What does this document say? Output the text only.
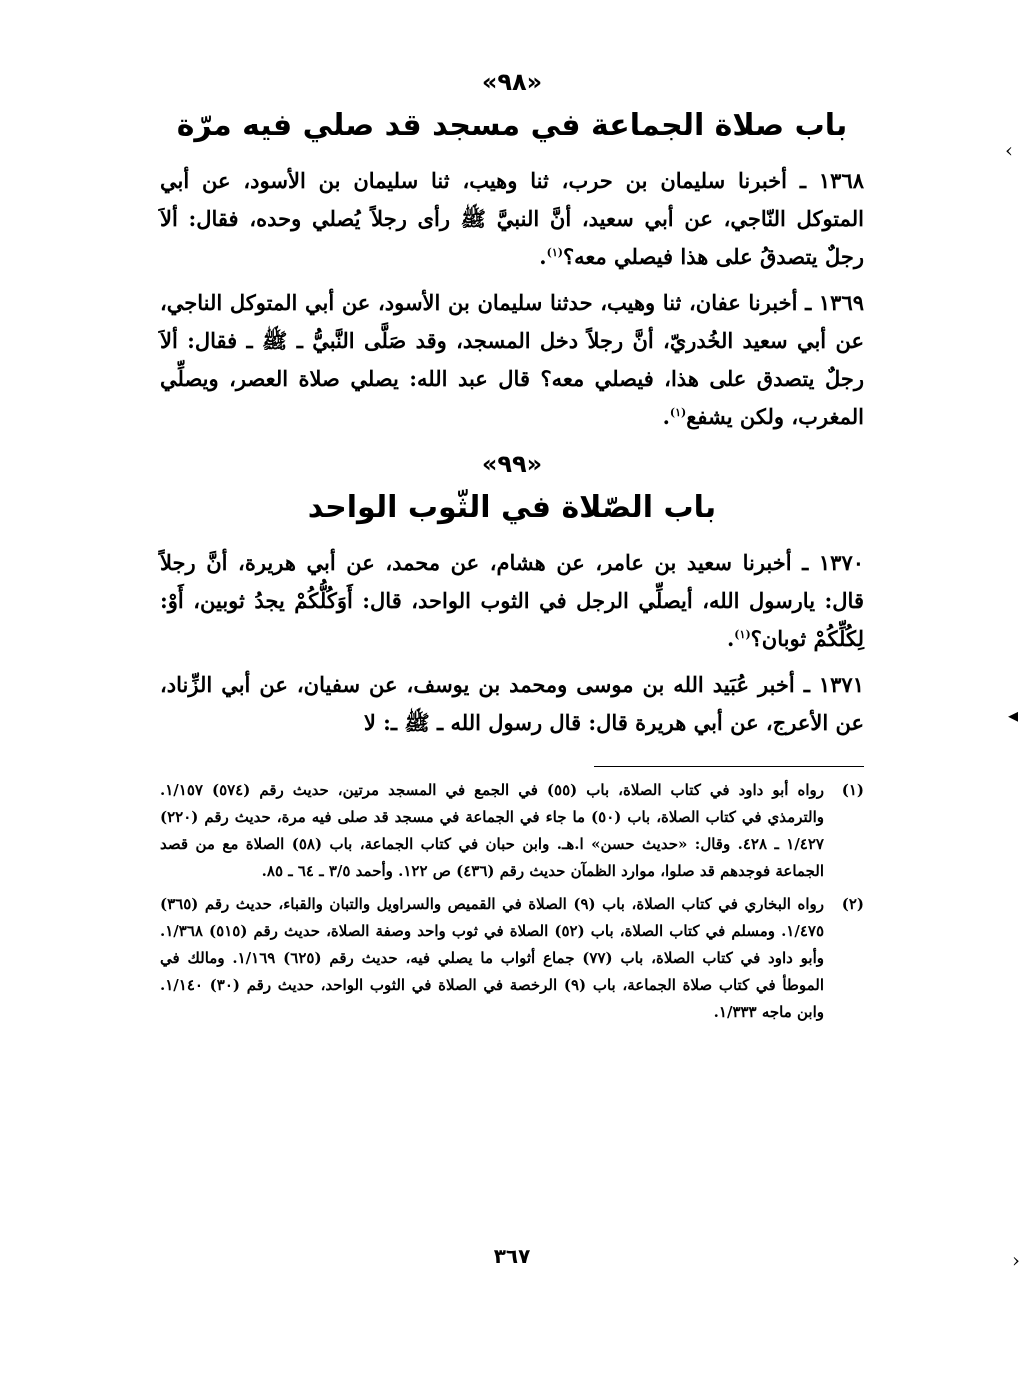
«٩٨»
باب صلاة الجماعة في مسجد قد صلي فيه مرّة

١٣٦٨ ـ أخبرنا سليمان بن حرب، ثنا وهيب، ثنا سليمان بن الأسود، عن أبي المتوكل النّاجي، عن أبي سعيد، أنَّ النبيَّ ﷺ رأى رجلاً يُصلي وحده، فقال: ألاَ رجلٌ يتصدقُ على هذا فيصلي معه؟$^{(١)}$.

١٣٦٩ ـ أخبرنا عفان، ثنا وهيب، حدثنا سليمان بن الأسود، عن أبي المتوكل الناجي، عن أبي سعيد الخُدريّ، أنَّ رجلاً دخل المسجد، وقد صَلَّى النَّبيُّ ـ ﷺ ـ فقال: ألاَ رجلٌ يتصدق على هذا، فيصلي معه؟ قال عبد الله: يصلي صلاة العصر، ويصلِّي المغرب، ولكن يشفع$^{(١)}$.

«٩٩»
باب الصّلاة في الثّوب الواحد

١٣٧٠ ـ أخبرنا سعيد بن عامر، عن هشام، عن محمد، عن أبي هريرة، أنَّ رجلاً قال: يارسول الله، أيصلِّي الرجل في الثوب الواحد، قال: أَوَكُلُّكُمْ يجدُ ثوبين، أَوْ: لِكُلِّكُمْ ثوبان؟$^{(١)}$.

١٣٧١ ـ أخبر عُبَيد الله بن موسى ومحمد بن يوسف، عن سفيان، عن أبي الزِّناد، عن الأعرج، عن أبي هريرة قال: قال رسول الله ـ ﷺ ـ: لا

(١)
رواه أبو داود في كتاب الصلاة، باب (٥٥) في الجمع في المسجد مرتين، حديث رقم (٥٧٤) ١/١٥٧. والترمذي في كتاب الصلاة، باب (٥٠) ما جاء في الجماعة في مسجد قد صلى فيه مرة، حديث رقم (٢٢٠) ١/٤٢٧ ـ ٤٢٨. وقال: «حديث حسن» ا.هـ. وابن حبان في كتاب الجماعة، باب (٥٨) الصلاة مع من قصد الجماعة فوجدهم قد صلوا، موارد الظمآن حديث رقم (٤٣٦) ص ١٢٢. وأحمد ٣/٥ ـ ٦٤ ـ ٨٥.
(٢)
رواه البخاري في كتاب الصلاة، باب (٩) الصلاة في القميص والسراويل والتبان والقباء، حديث رقم (٣٦٥) ١/٤٧٥. ومسلم في كتاب الصلاة، باب (٥٢) الصلاة في ثوب واحد وصفة الصلاة، حديث رقم (٥١٥) ١/٣٦٨. وأبو داود في كتاب الصلاة، باب (٧٧) جماع أثواب ما يصلي فيه، حديث رقم (٦٢٥) ١/١٦٩. ومالك في الموطأ في كتاب صلاة الجماعة، باب (٩) الرخصة في الصلاة في الثوب الواحد، حديث رقم (٣٠) ١/١٤٠. وابن ماجه ١/٣٣٣.
٣٦٧
‹
◂
›
